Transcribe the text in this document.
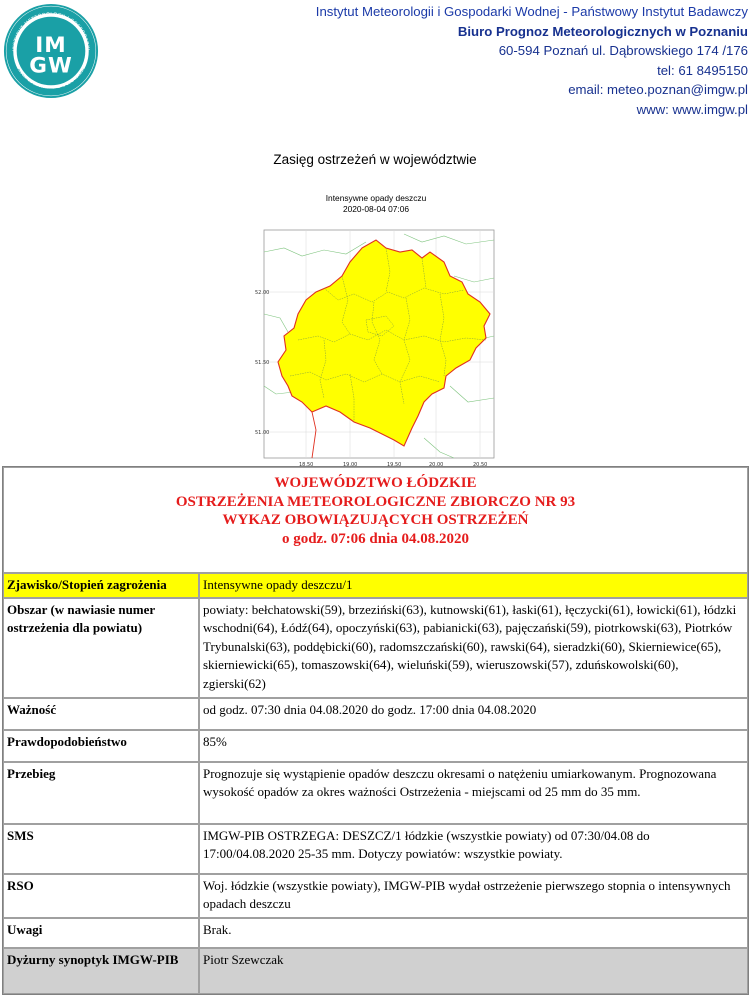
INSTYTUT METEOROLOGII I GOSPODARKI
PAŃSTWOWY INSTYTUT BADAWCZY
IM
GW
Instytut Meteorologii i Gospodarki Wodnej - Państwowy Instytut Badawczy
Biuro Prognoz Meteorologicznych w Poznaniu
60-594 Poznań ul. Dąbrowskiego 174 /176
tel: 61 8495150
email: meteo.poznan@imgw.pl
www: www.imgw.pl
Zasięg ostrzeżeń w województwie
Intensywne opady deszczu
2020-08-04 07:06
52.00
51.50
51.00
18.50	19.00	19.50	20.00	20.50
WOJEWÓDZTWO ŁÓDZKIE
OSTRZEŻENIA METEOROLOGICZNE ZBIORCZO NR 93
WYKAZ OBOWIĄZUJĄCYCH OSTRZEŻEŃ
o godz. 07:06 dnia 04.08.2020	

Zjawisko/Stopień zagrożenia	Intensywne opady deszczu/1
Obszar (w nawiasie numer ostrzeżenia dla powiatu)	powiaty: bełchatowski(59), brzeziński(63), kutnowski(61), łaski(61), łęczycki(61), łowicki(61), łódzki wschodni(64), Łódź(64), opoczyński(63), pabianicki(63), pajęczański(59), piotrkowski(63), Piotrków Trybunalski(63), poddębicki(60), radomszczański(60), rawski(64), sieradzki(60), Skierniewice(65), skierniewicki(65), tomaszowski(64), wieluński(59), wieruszowski(57), zduńskowolski(60), zgierski(62)
Ważność	od godz. 07:30 dnia 04.08.2020 do godz. 17:00 dnia 04.08.2020
Prawdopodobieństwo	85%
Przebieg	Prognozuje się wystąpienie opadów deszczu okresami o natężeniu umiarkowanym. Prognozowana wysokość opadów za okres ważności Ostrzeżenia - miejscami od 25 mm do 35 mm.
SMS	IMGW-PIB OSTRZEGA: DESZCZ/1 łódzkie (wszystkie powiaty) od 07:30/04.08 do 17:00/04.08.2020 25-35 mm. Dotyczy powiatów: wszystkie powiaty.
RSO	Woj. łódzkie (wszystkie powiaty), IMGW-PIB wydał ostrzeżenie pierwszego stopnia o intensywnych opadach deszczu
Uwagi	Brak.
Dyżurny synoptyk IMGW-PIB	Piotr Szewczak
